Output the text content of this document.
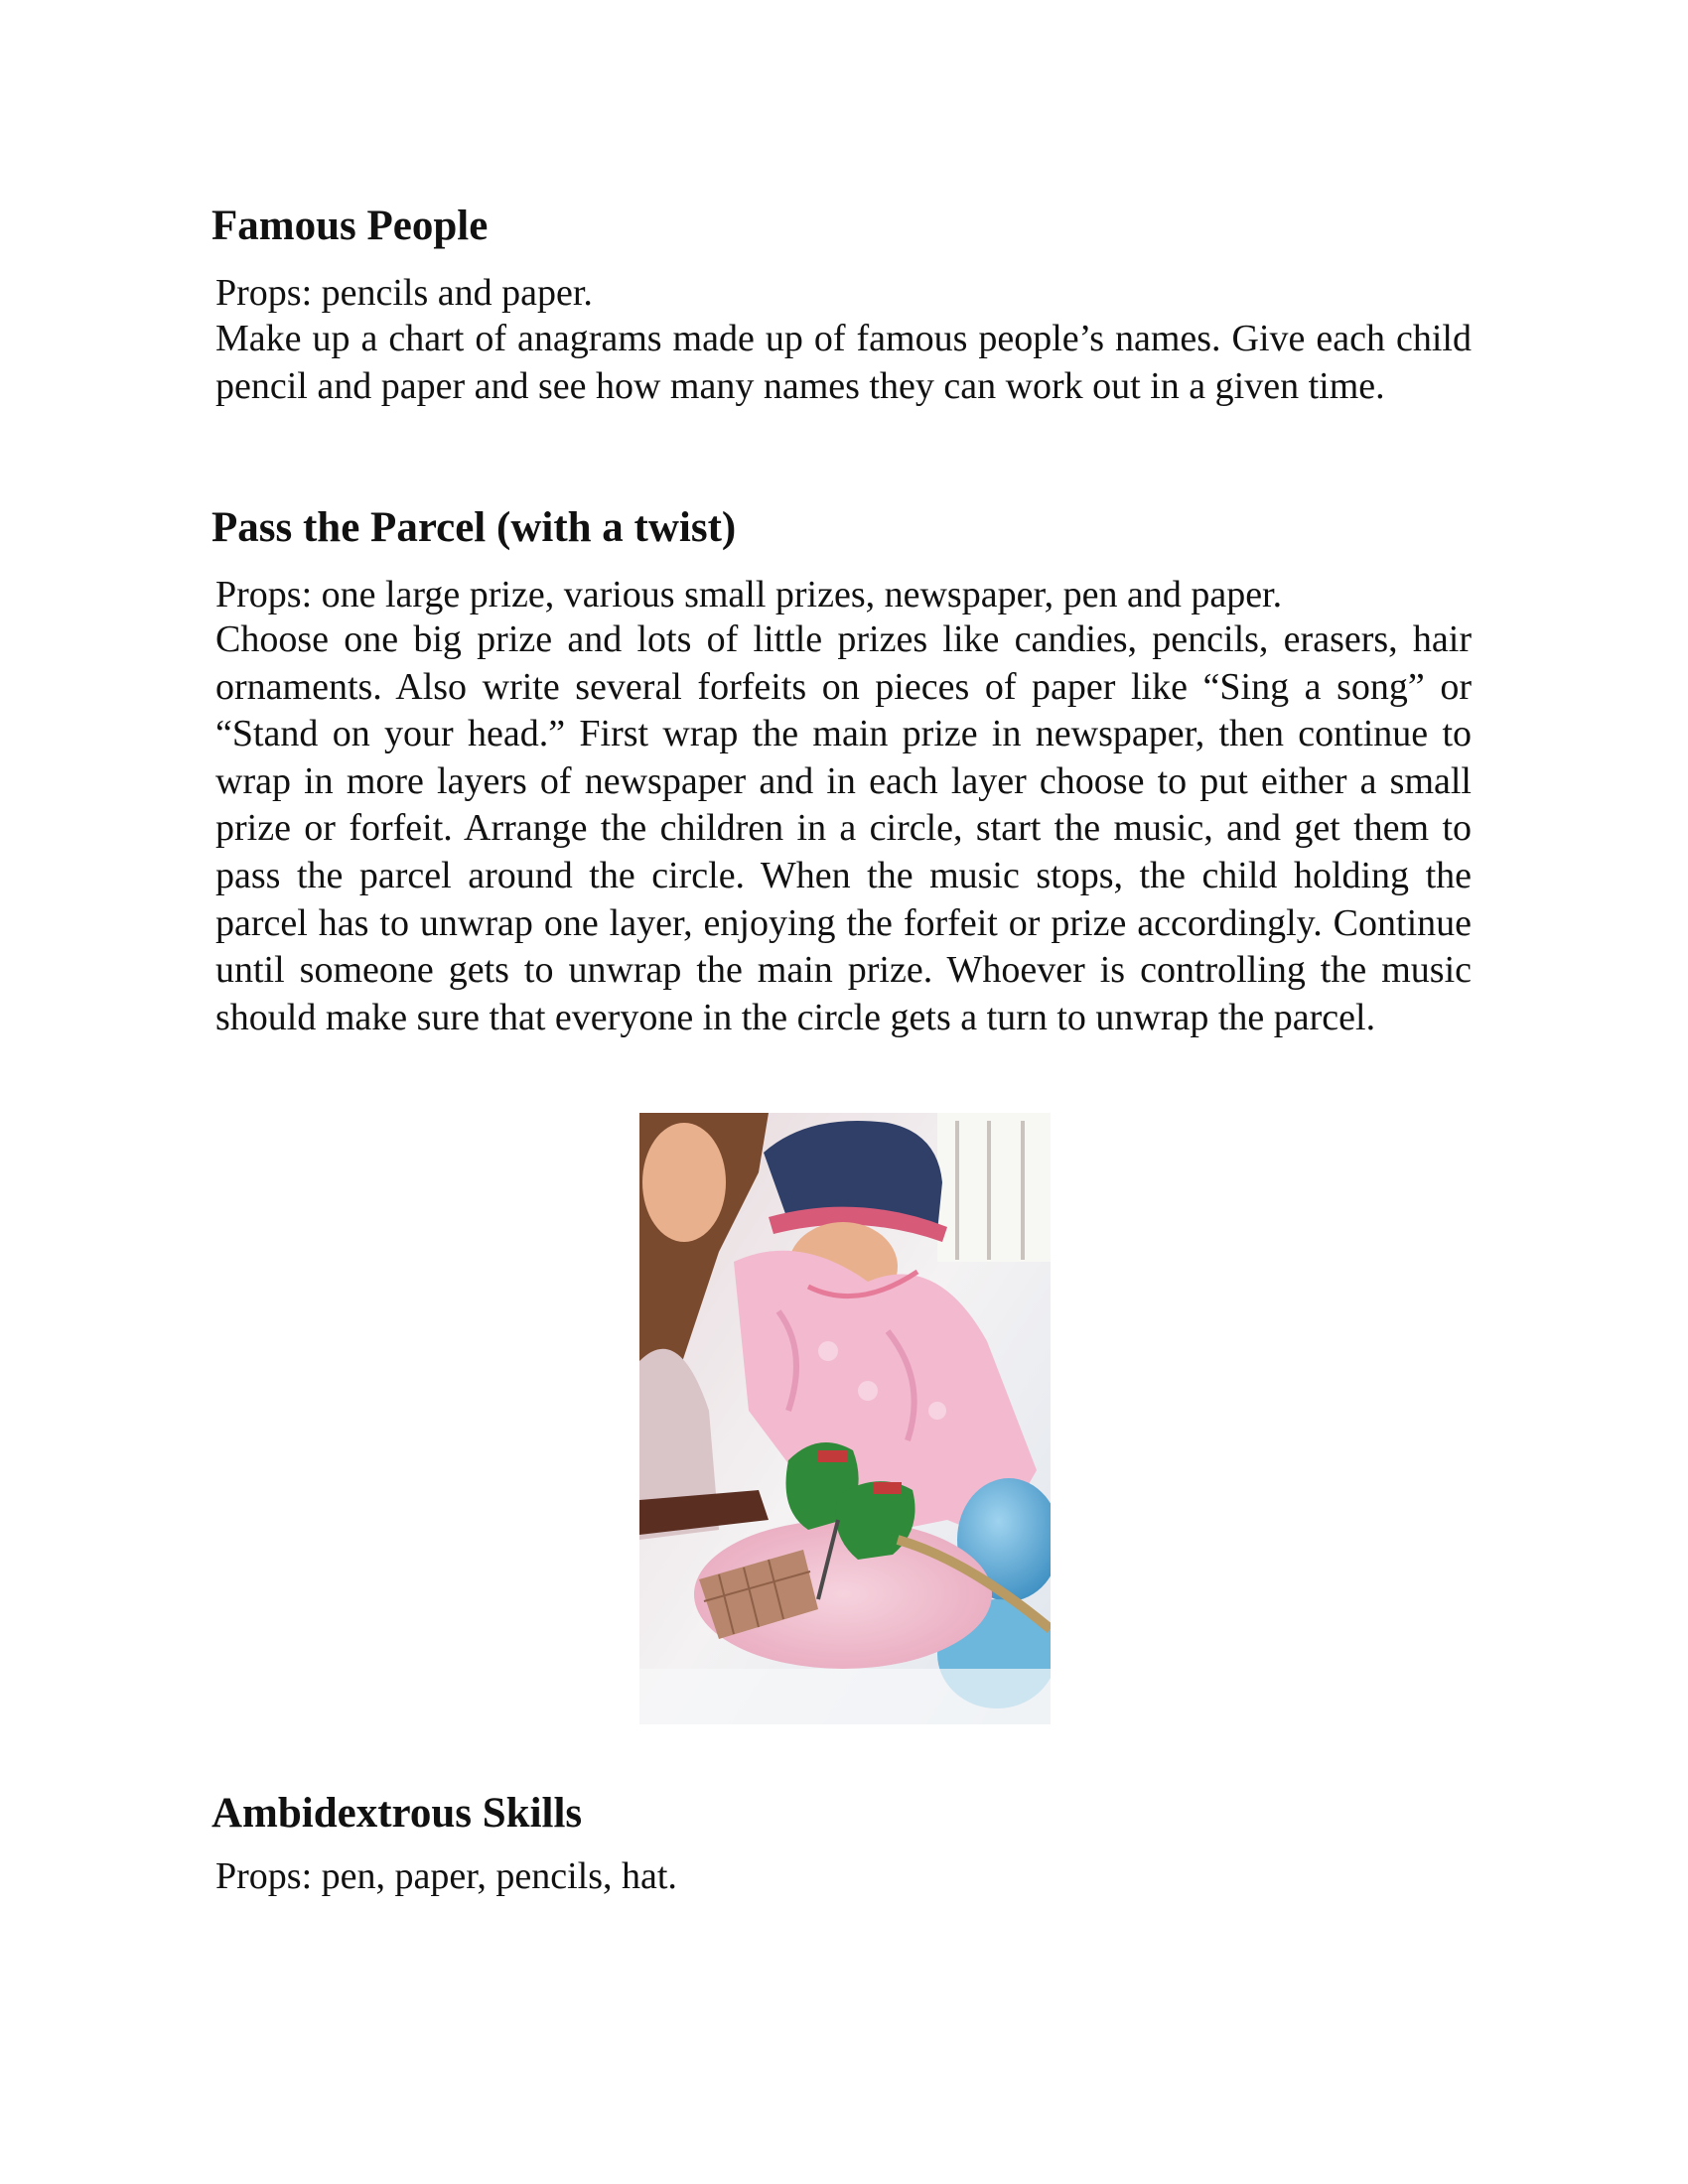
Famous People

Props: pencils and paper.

Make up a chart of anagrams made up of famous people’s names. Give each child pencil and paper and see how many names they can work out in a given time.

Pass the Parcel (with a twist)

Props: one large prize, various small prizes, newspaper, pen and paper.

Choose one big prize and lots of little prizes like candies, pencils, erasers, hair ornaments. Also write several forfeits on pieces of paper like “Sing a song” or “Stand on your head.” First wrap the main prize in newspaper, then continue to wrap in more layers of newspaper and in each layer choose to put either a small prize or forfeit. Arrange the children in a circle, start the music, and get them to pass the parcel around the circle. When the music stops, the child holding the parcel has to unwrap one layer, enjoying the forfeit or prize accordingly. Continue until someone gets to unwrap the main prize. Whoever is controlling the music should make sure that everyone in the circle gets a turn to unwrap the parcel.

Ambidextrous Skills

Props: pen, paper, pencils, hat.
